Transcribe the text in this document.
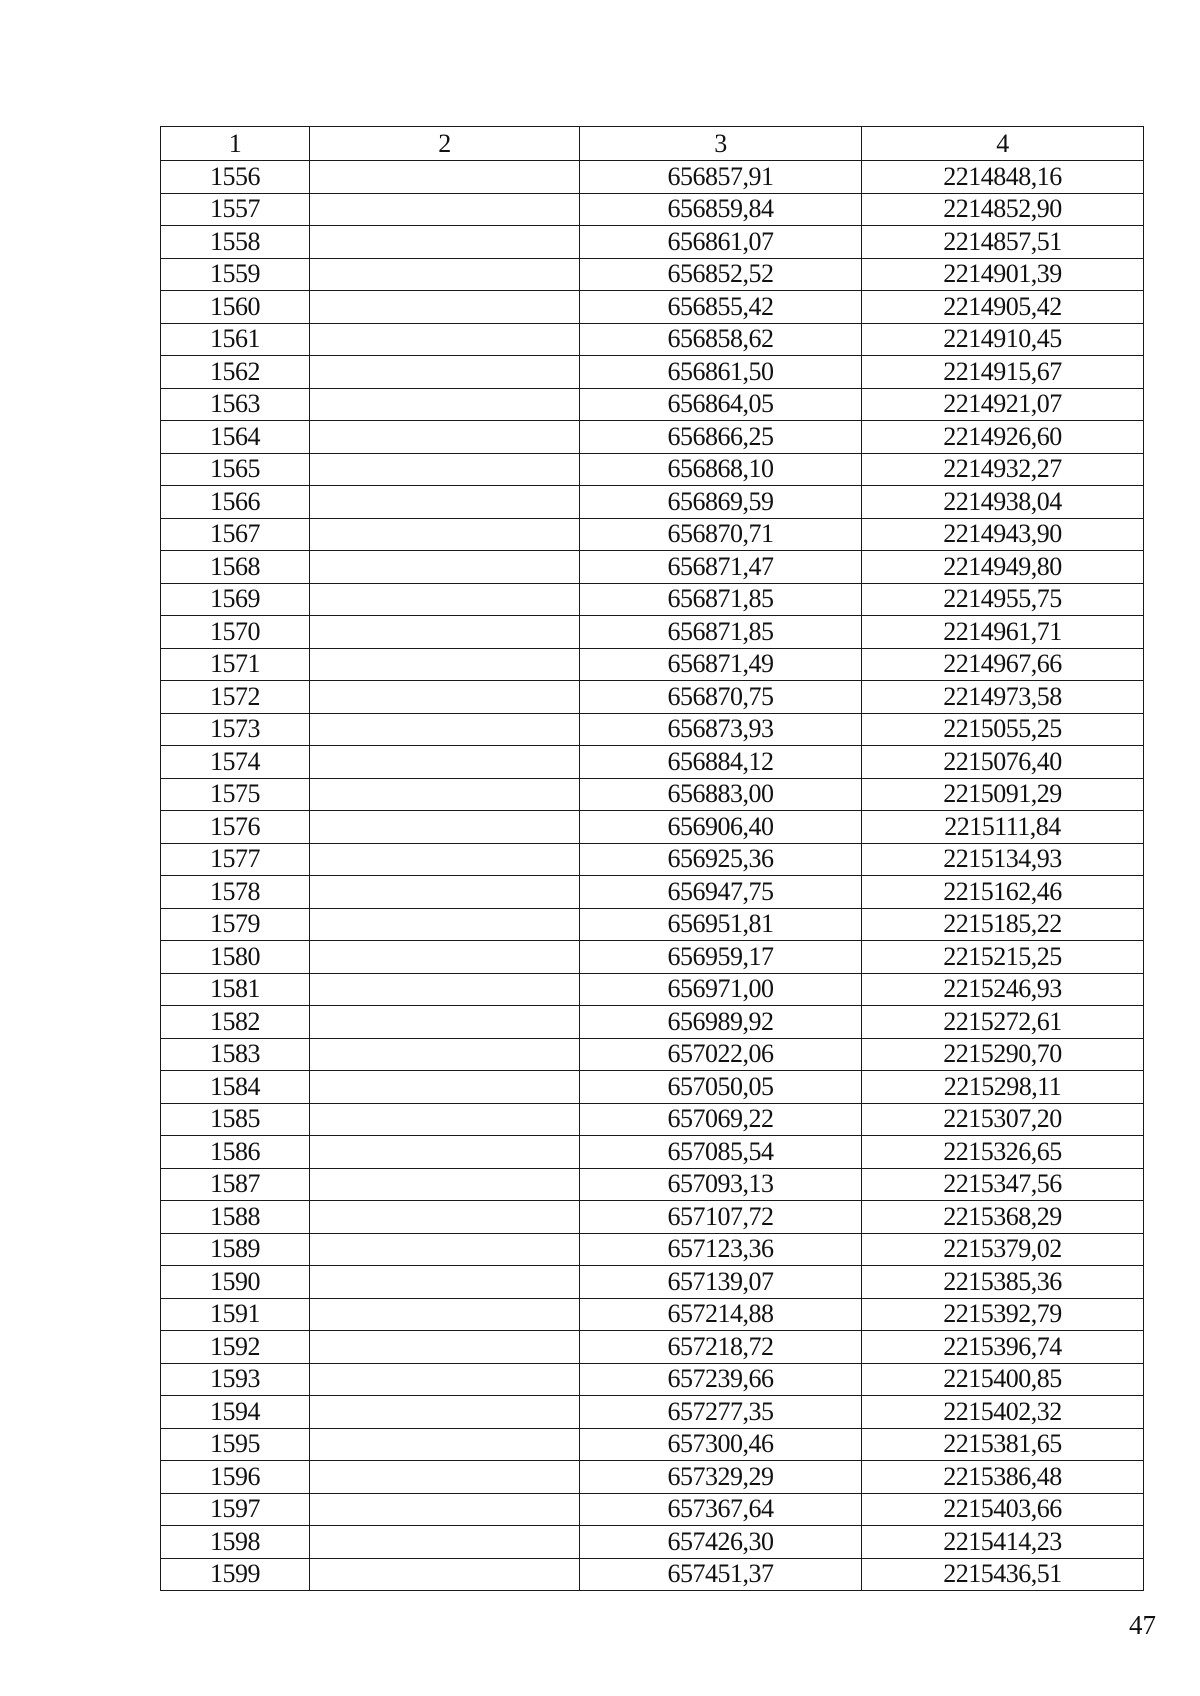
1	2	3	4
1556		656857,91	2214848,16
1557		656859,84	2214852,90
1558		656861,07	2214857,51
1559		656852,52	2214901,39
1560		656855,42	2214905,42
1561		656858,62	2214910,45
1562		656861,50	2214915,67
1563		656864,05	2214921,07
1564		656866,25	2214926,60
1565		656868,10	2214932,27
1566		656869,59	2214938,04
1567		656870,71	2214943,90
1568		656871,47	2214949,80
1569		656871,85	2214955,75
1570		656871,85	2214961,71
1571		656871,49	2214967,66
1572		656870,75	2214973,58
1573		656873,93	2215055,25
1574		656884,12	2215076,40
1575		656883,00	2215091,29
1576		656906,40	2215111,84
1577		656925,36	2215134,93
1578		656947,75	2215162,46
1579		656951,81	2215185,22
1580		656959,17	2215215,25
1581		656971,00	2215246,93
1582		656989,92	2215272,61
1583		657022,06	2215290,70
1584		657050,05	2215298,11
1585		657069,22	2215307,20
1586		657085,54	2215326,65
1587		657093,13	2215347,56
1588		657107,72	2215368,29
1589		657123,36	2215379,02
1590		657139,07	2215385,36
1591		657214,88	2215392,79
1592		657218,72	2215396,74
1593		657239,66	2215400,85
1594		657277,35	2215402,32
1595		657300,46	2215381,65
1596		657329,29	2215386,48
1597		657367,64	2215403,66
1598		657426,30	2215414,23
1599		657451,37	2215436,51
47
